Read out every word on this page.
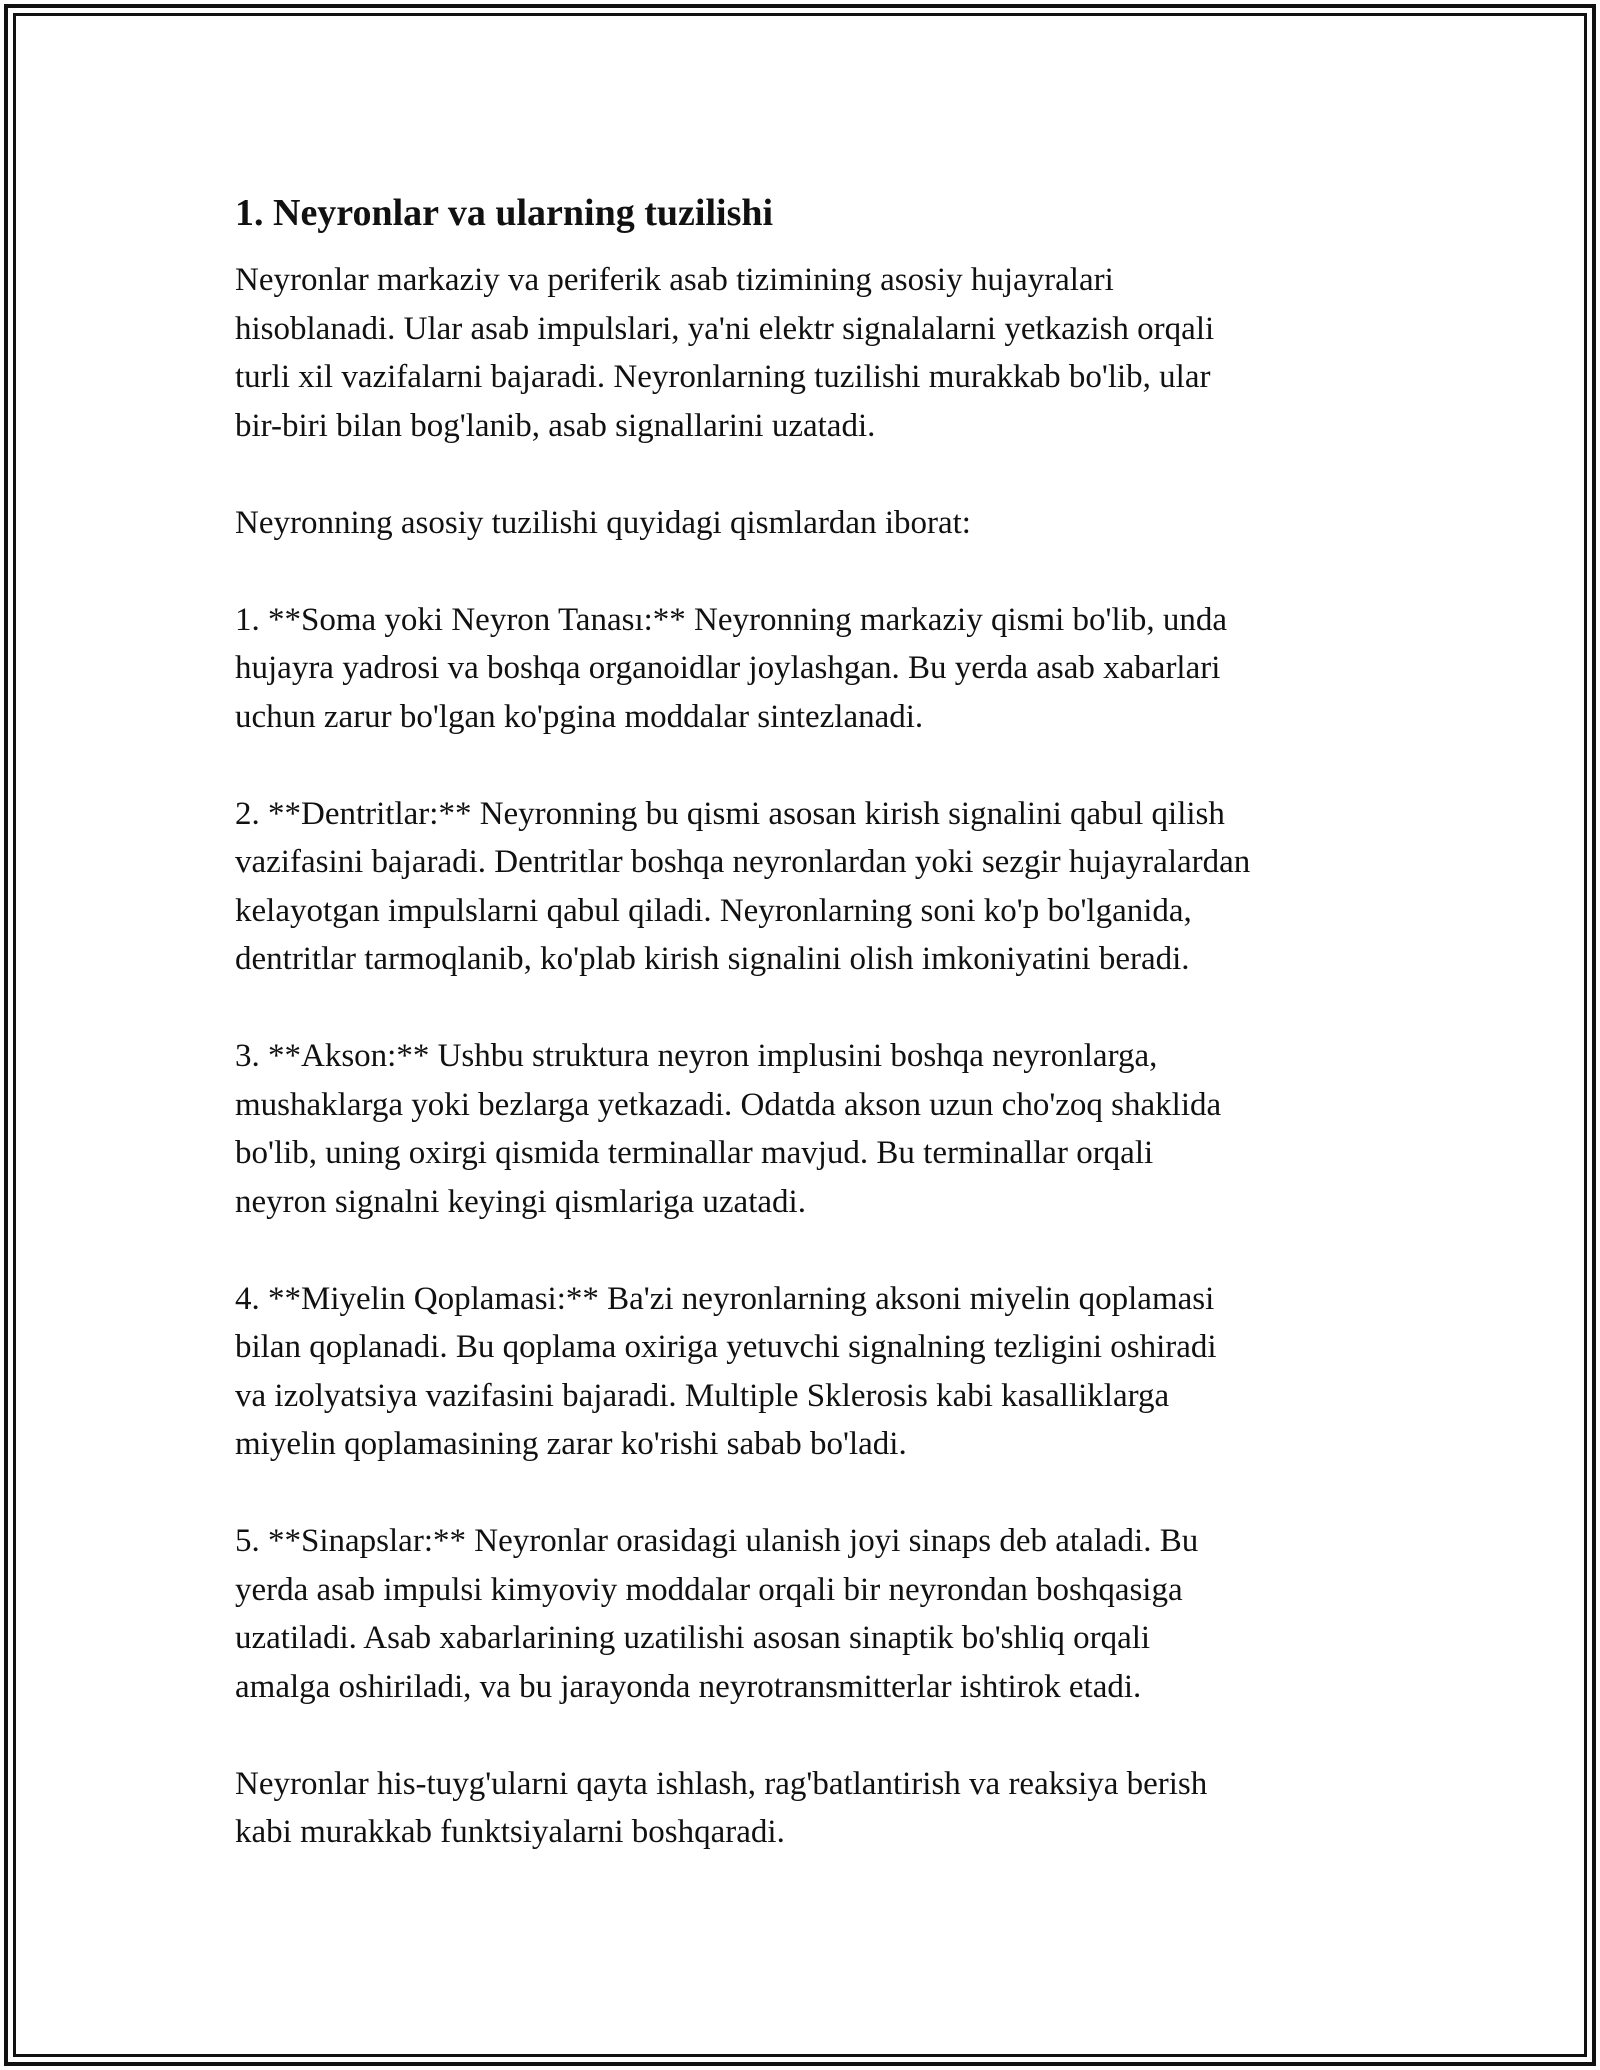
1. Neyronlar va ularning tuzilishi

Neyronlar markaziy va periferik asab tizimining asosiy hujayralari
hisoblanadi. Ular asab impulslari, ya'ni elektr signalalarni yetkazish orqali
turli xil vazifalarni bajaradi. Neyronlarning tuzilishi murakkab bo'lib, ular
bir-biri bilan bog'lanib, asab signallarini uzatadi.

Neyronning asosiy tuzilishi quyidagi qismlardan iborat:

1. **Soma yoki Neyron Tanası:** Neyronning markaziy qismi bo'lib, unda
hujayra yadrosi va boshqa organoidlar joylashgan. Bu yerda asab xabarlari
uchun zarur bo'lgan ko'pgina moddalar sintezlanadi.

2. **Dentritlar:** Neyronning bu qismi asosan kirish signalini qabul qilish
vazifasini bajaradi. Dentritlar boshqa neyronlardan yoki sezgir hujayralardan
kelayotgan impulslarni qabul qiladi. Neyronlarning soni ko'p bo'lganida,
dentritlar tarmoqlanib, ko'plab kirish signalini olish imkoniyatini beradi.

3. **Akson:** Ushbu struktura neyron implusini boshqa neyronlarga,
mushaklarga yoki bezlarga yetkazadi. Odatda akson uzun cho'zoq shaklida
bo'lib, uning oxirgi qismida terminallar mavjud. Bu terminallar orqali
neyron signalni keyingi qismlariga uzatadi.

4. **Miyelin Qoplamasi:** Ba'zi neyronlarning aksoni miyelin qoplamasi
bilan qoplanadi. Bu qoplama oxiriga yetuvchi signalning tezligini oshiradi
va izolyatsiya vazifasini bajaradi. Multiple Sklerosis kabi kasalliklarga
miyelin qoplamasining zarar ko'rishi sabab bo'ladi.

5. **Sinapslar:** Neyronlar orasidagi ulanish joyi sinaps deb ataladi. Bu
yerda asab impulsi kimyoviy moddalar orqali bir neyrondan boshqasiga
uzatiladi. Asab xabarlarining uzatilishi asosan sinaptik bo'shliq orqali
amalga oshiriladi, va bu jarayonda neyrotransmitterlar ishtirok etadi.

Neyronlar his-tuyg'ularni qayta ishlash, rag'batlantirish va reaksiya berish
kabi murakkab funktsiyalarni boshqaradi.
